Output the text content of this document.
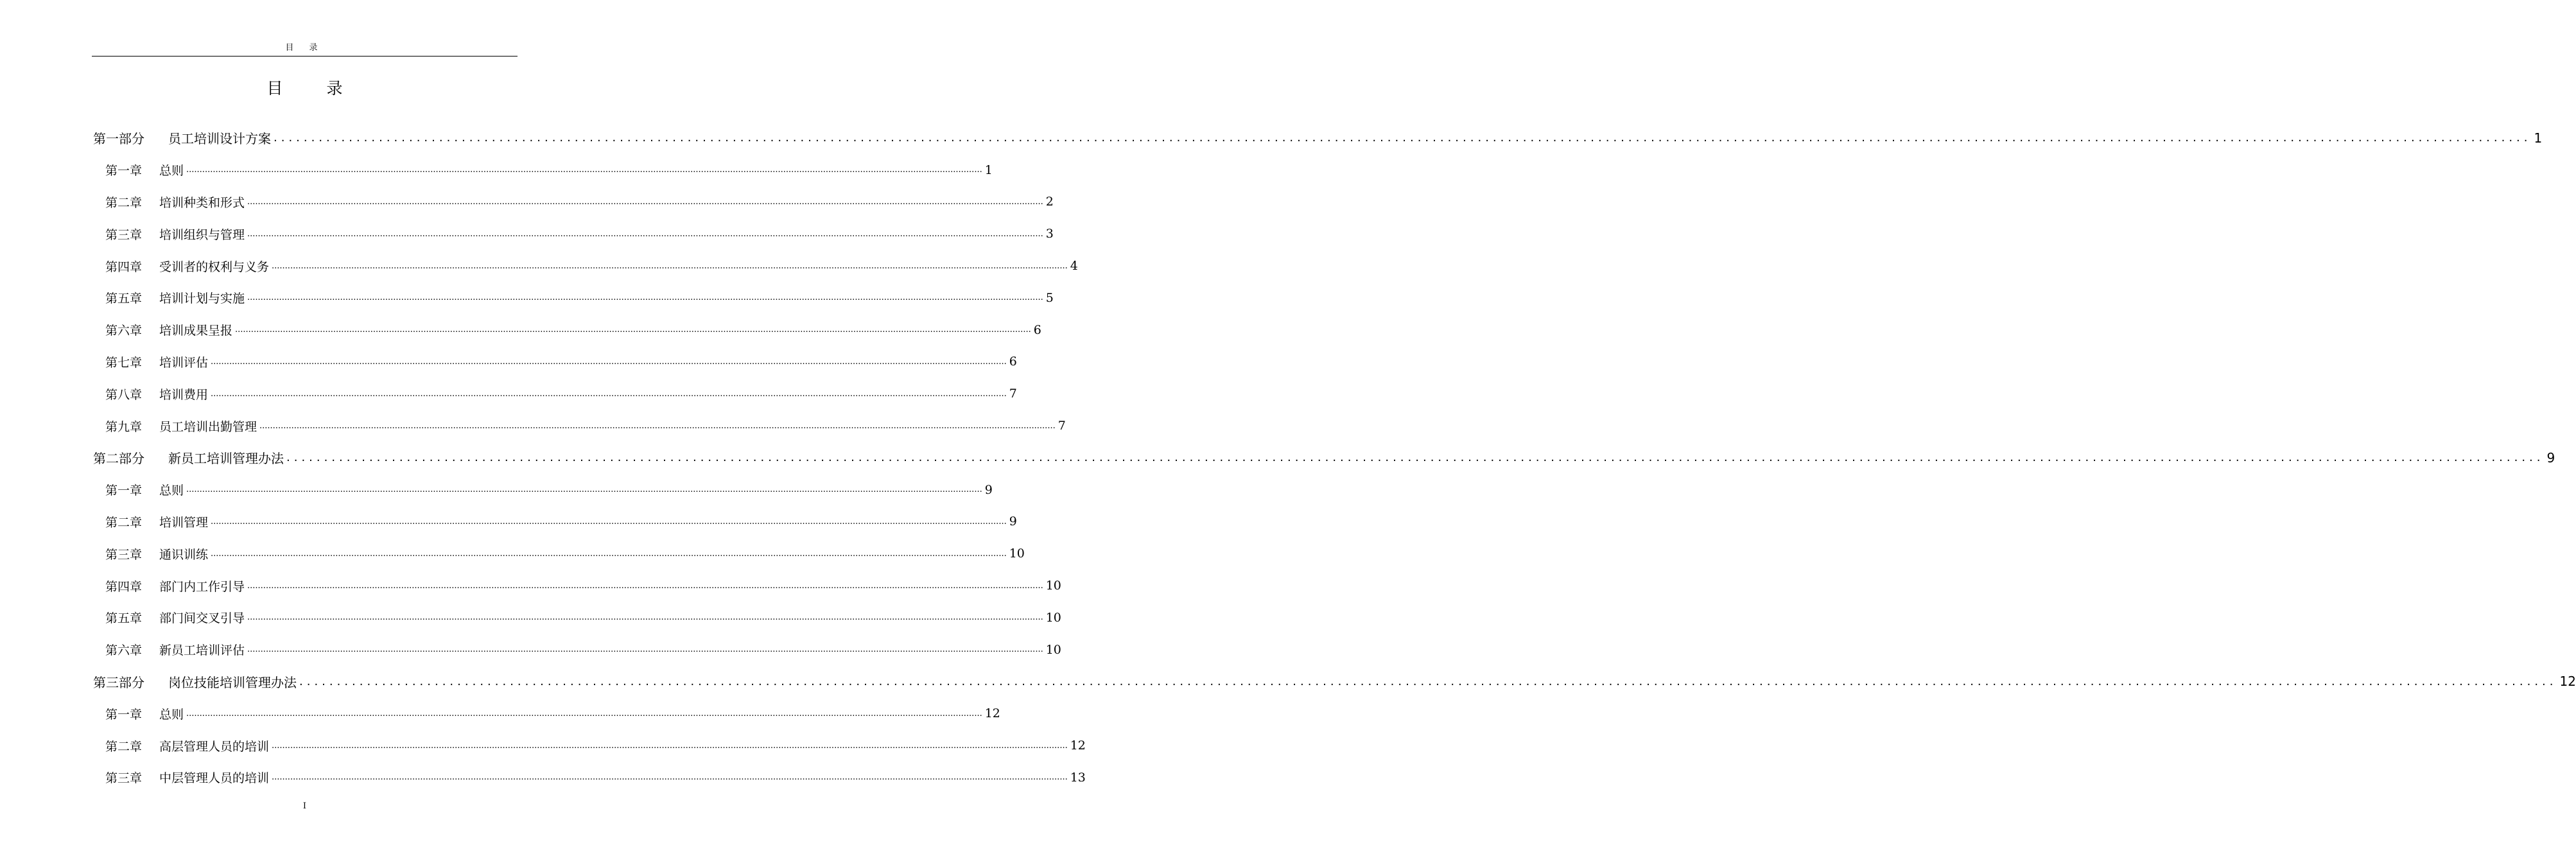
目 录
目 录
第一部分	员工培训设计方案 ............................................................................................................................................................................................................................................................................................................ 1
第一章	总则 ............................................................................................................................................................................................................................................................................................................ 1
第二章	培训种类和形式 ............................................................................................................................................................................................................................................................................................................ 2
第三章	培训组织与管理 ............................................................................................................................................................................................................................................................................................................ 3
第四章	受训者的权利与义务 ............................................................................................................................................................................................................................................................................................................ 4
第五章	培训计划与实施 ............................................................................................................................................................................................................................................................................................................ 5
第六章	培训成果呈报 ............................................................................................................................................................................................................................................................................................................ 6
第七章	培训评估 ............................................................................................................................................................................................................................................................................................................ 6
第八章	培训费用 ............................................................................................................................................................................................................................................................................................................ 7
第九章	员工培训出勤管理 ............................................................................................................................................................................................................................................................................................................ 7
第二部分	新员工培训管理办法 ............................................................................................................................................................................................................................................................................................................ 9
第一章	总则 ............................................................................................................................................................................................................................................................................................................ 9
第二章	培训管理 ............................................................................................................................................................................................................................................................................................................ 9
第三章	通识训练 ............................................................................................................................................................................................................................................................................................................ 10
第四章	部门内工作引导 ............................................................................................................................................................................................................................................................................................................ 10
第五章	部门间交叉引导 ............................................................................................................................................................................................................................................................................................................ 10
第六章	新员工培训评估 ............................................................................................................................................................................................................................................................................................................ 10
第三部分	岗位技能培训管理办法 ............................................................................................................................................................................................................................................................................................................ 12
第一章	总则 ............................................................................................................................................................................................................................................................................................................ 12
第二章	高层管理人员的培训 ............................................................................................................................................................................................................................................................................................................ 12
第三章	中层管理人员的培训 ............................................................................................................................................................................................................................................................................................................ 13
I
